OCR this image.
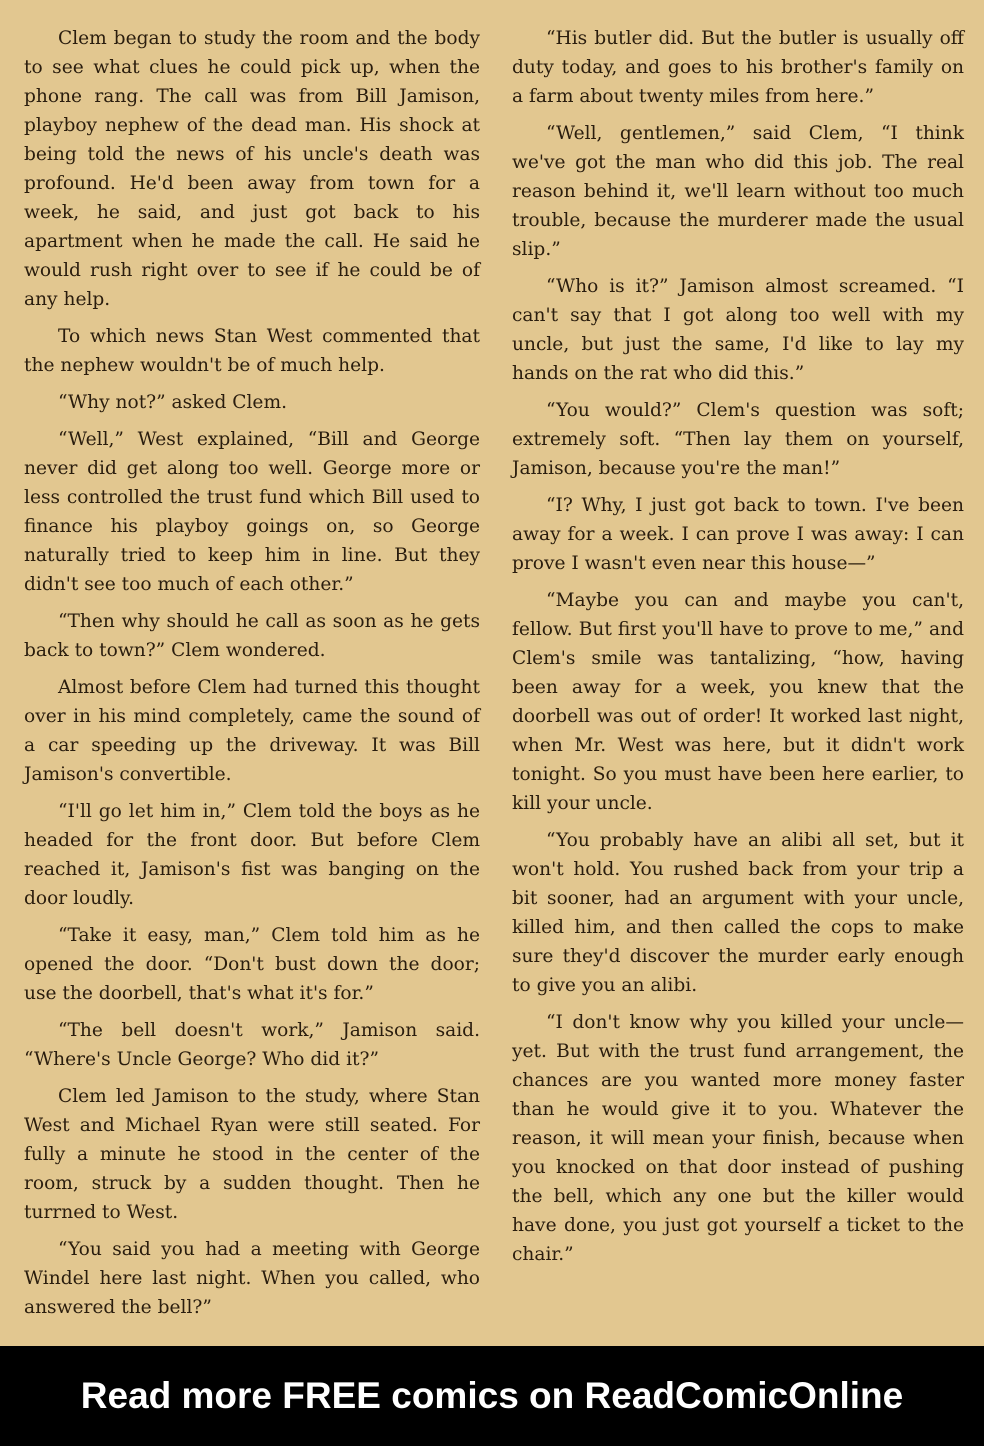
Clem began to study the room and the body to see what clues he could pick up, when the phone rang. The call was from Bill Jamison, playboy nephew of the dead man. His shock at being told the news of his uncle's death was profound. He'd been away from town for a week, he said, and just got back to his apartment when he made the call. He said he would rush right over to see if he could be of any help.

To which news Stan West commented that the nephew wouldn't be of much help.

“Why not?” asked Clem.

“Well,” West explained, “Bill and George never did get along too well. George more or less controlled the trust fund which Bill used to finance his playboy goings on, so George naturally tried to keep him in line. But they didn't see too much of each other.”

“Then why should he call as soon as he gets back to town?” Clem wondered.

Almost before Clem had turned this thought over in his mind completely, came the sound of a car speeding up the driveway. It was Bill Jamison's convertible.

“I'll go let him in,” Clem told the boys as he headed for the front door. But before Clem reached it, Jamison's fist was banging on the door loudly.

“Take it easy, man,” Clem told him as he opened the door. “Don't bust down the door; use the doorbell, that's what it's for.”

“The bell doesn't work,” Jamison said. “Where's Uncle George? Who did it?”

Clem led Jamison to the study, where Stan West and Michael Ryan were still seated. For fully a minute he stood in the center of the room, struck by a sudden thought. Then he turrned to West.

“You said you had a meeting with George Windel here last night. When you called, who answered the bell?”

“His butler did. But the butler is usually off duty today, and goes to his brother's family on a farm about twenty miles from here.”

“Well, gentlemen,” said Clem, “I think we've got the man who did this job. The real reason behind it, we'll learn without too much trouble, because the murderer made the usual slip.”

“Who is it?” Jamison almost screamed. “I can't say that I got along too well with my uncle, but just the same, I'd like to lay my hands on the rat who did this.”

“You would?” Clem's question was soft; extremely soft. “Then lay them on yourself, Jamison, because you're the man!”

“I? Why, I just got back to town. I've been away for a week. I can prove I was away: I can prove I wasn't even near this house—”

“Maybe you can and maybe you can't, fellow. But first you'll have to prove to me,” and Clem's smile was tantalizing, “how, having been away for a week, you knew that the doorbell was out of order! It worked last night, when Mr. West was here, but it didn't work tonight. So you must have been here earlier, to kill your uncle.

“You probably have an alibi all set, but it won't hold. You rushed back from your trip a bit sooner, had an argument with your uncle, killed him, and then called the cops to make sure they'd discover the murder early enough to give you an alibi.

“I don't know why you killed your uncle—yet. But with the trust fund arrangement, the chances are you wanted more money faster than he would give it to you. Whatever the reason, it will mean your finish, because when you knocked on that door instead of pushing the bell, which any one but the killer would have done, you just got yourself a ticket to the chair.”

Read more FREE comics on ReadComicOnline
